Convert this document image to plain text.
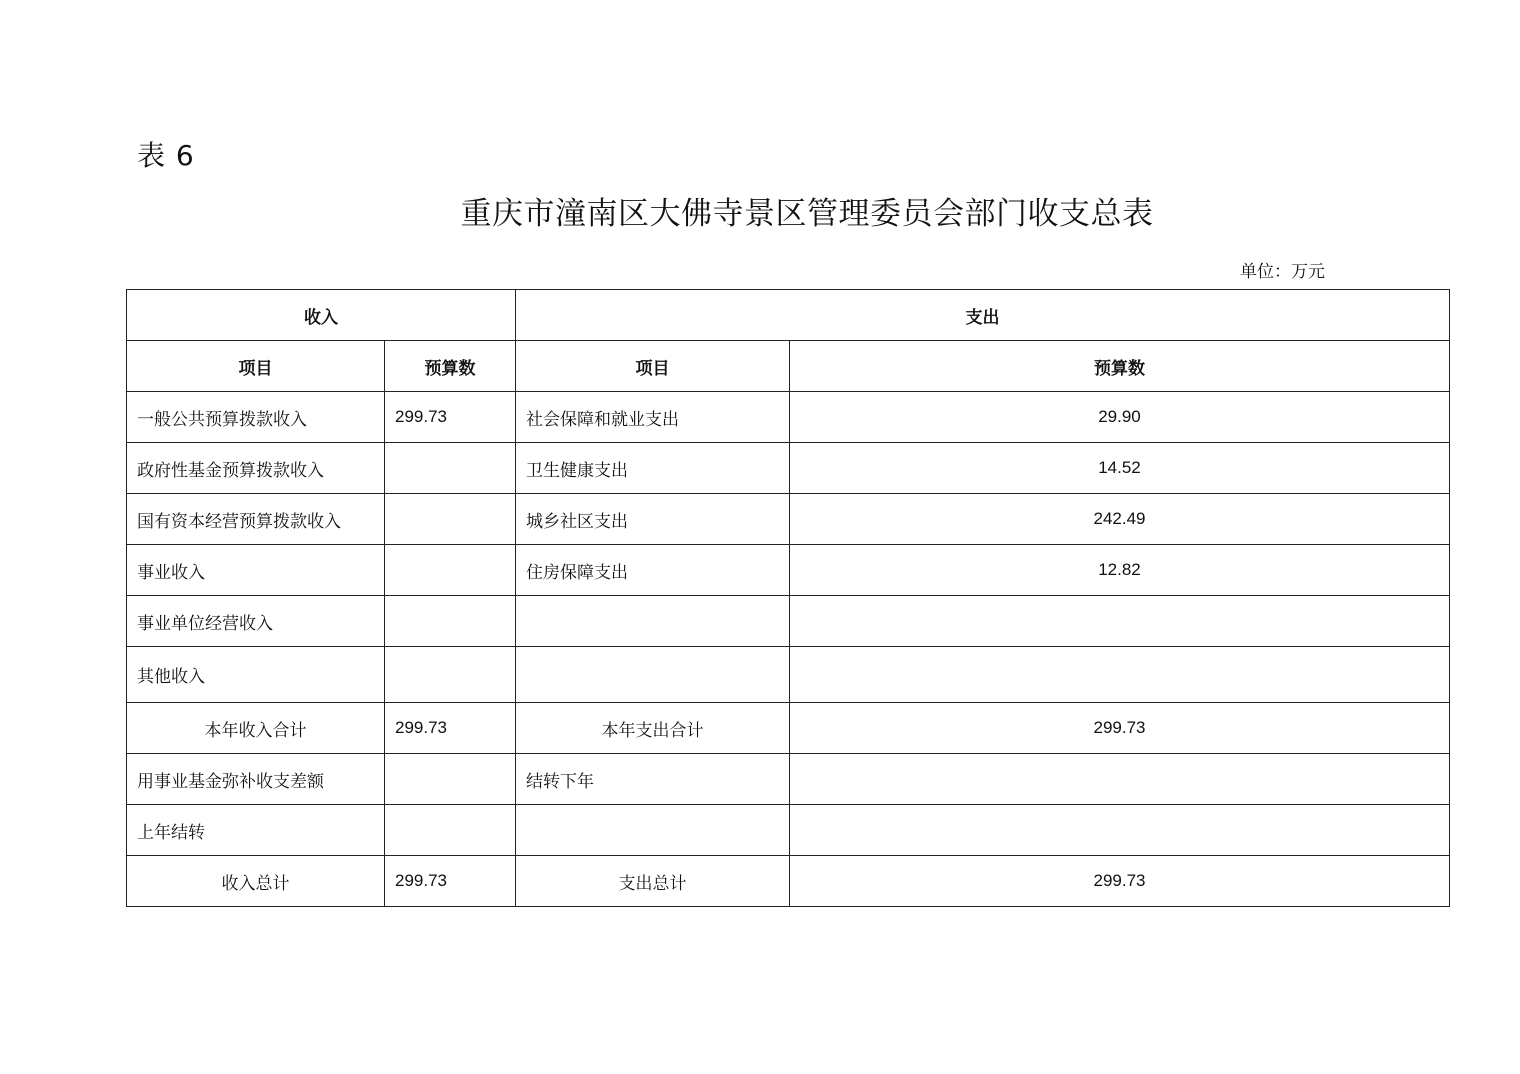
表 6
重庆市潼南区大佛寺景区管理委员会部门收支总表
单位：万元
收入		支出	
项目	预算数	项目	预算数
一般公共预算拨款收入	299.73	社会保障和就业支出	29.90
政府性基金预算拨款收入		卫生健康支出	14.52
国有资本经营预算拨款收入		城乡社区支出	242.49
事业收入		住房保障支出	12.82
事业单位经营收入			
其他收入			
本年收入合计	299.73	本年支出合计	299.73
用事业基金弥补收支差额		结转下年	
上年结转			
收入总计	299.73	支出总计	299.73
